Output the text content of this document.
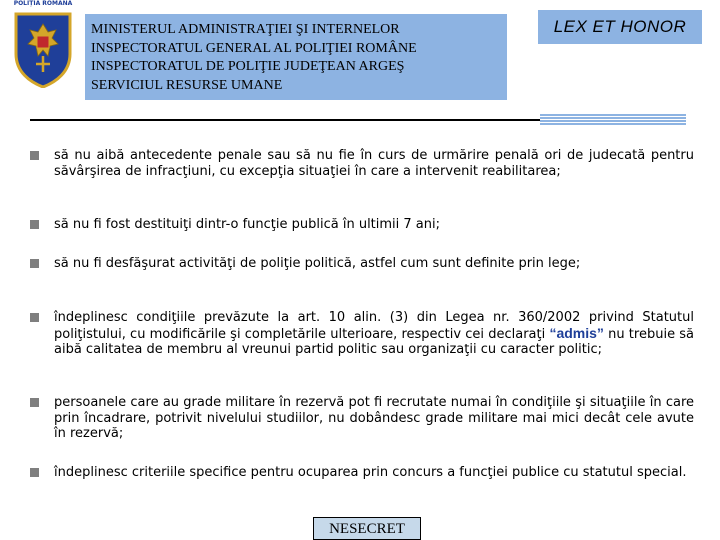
POLIȚIA ROMÂNĂ
MINISTERUL ADMINISTRAŢIEI ŞI INTERNELOR
INSPECTORATUL GENERAL AL POLIŢIEI ROMÂNE
INSPECTORATUL DE POLIŢIE JUDEŢEAN ARGEŞ
SERVICIUL RESURSE UMANE
LEX ET HONOR
să nu aibă antecedente penale sau să nu fie în curs de urmărire penală ori de judecată pentru săvârşirea de infracţiuni, cu excepţia situaţiei în care a intervenit reabilitarea;
să nu fi fost destituiţi dintr-o funcţie publică în ultimii 7 ani;
să nu fi desfăşurat activităţi de poliţie politică, astfel cum sunt definite prin lege;
îndeplinesc condiţiile prevăzute la art. 10 alin. (3) din Legea nr. 360/2002 privind Statutul poliţistului, cu modificările şi completările ulterioare, respectiv cei declaraţi “admis” nu trebuie să aibă calitatea de membru al vreunui partid politic sau organizaţii cu caracter politic;
persoanele care au grade militare în rezervă pot fi recrutate numai în condiţiile şi situaţiile în care prin încadrare, potrivit nivelului studiilor, nu dobândesc grade militare mai mici decât cele avute în rezervă;
îndeplinesc criteriile specifice pentru ocuparea prin concurs a funcţiei publice cu statutul special.
NESECRET
